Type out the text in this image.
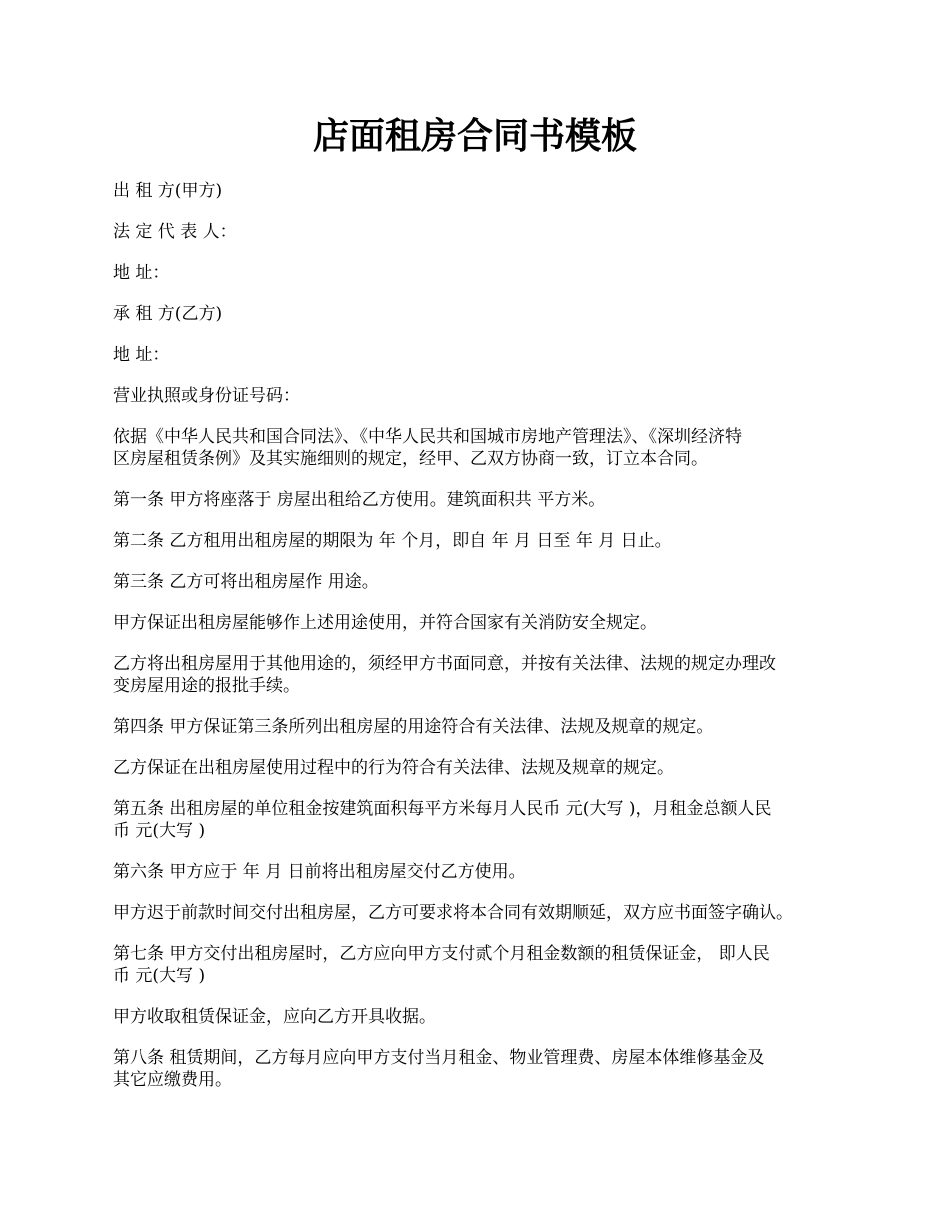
店面租房合同书模板

出 租 方(甲方)

法 定 代 表 人：

地 址：

承 租 方(乙方)

地 址：

营业执照或身份证号码：

依据《中华人民共和国合同法》、《中华人民共和国城市房地产管理法》、《深圳经济特
区房屋租赁条例》及其实施细则的规定，经甲、乙双方协商一致，订立本合同。

第一条 甲方将座落于 房屋出租给乙方使用。建筑面积共 平方米。

第二条 乙方租用出租房屋的期限为 年 个月，即自 年 月 日至 年 月 日止。

第三条 乙方可将出租房屋作 用途。

甲方保证出租房屋能够作上述用途使用，并符合国家有关消防安全规定。

乙方将出租房屋用于其他用途的，须经甲方书面同意，并按有关法律、法规的规定办理改
变房屋用途的报批手续。

第四条 甲方保证第三条所列出租房屋的用途符合有关法律、法规及规章的规定。

乙方保证在出租房屋使用过程中的行为符合有关法律、法规及规章的规定。

第五条 出租房屋的单位租金按建筑面积每平方米每月人民币 元(大写 )，月租金总额人民
币 元(大写 )

第六条 甲方应于 年 月 日前将出租房屋交付乙方使用。

甲方迟于前款时间交付出租房屋，乙方可要求将本合同有效期顺延，双方应书面签字确认。

第七条 甲方交付出租房屋时，乙方应向甲方支付贰个月租金数额的租赁保证金， 即人民
币 元(大写 )

甲方收取租赁保证金，应向乙方开具收据。

第八条 租赁期间，乙方每月应向甲方支付当月租金、物业管理费、房屋本体维修基金及
其它应缴费用。
